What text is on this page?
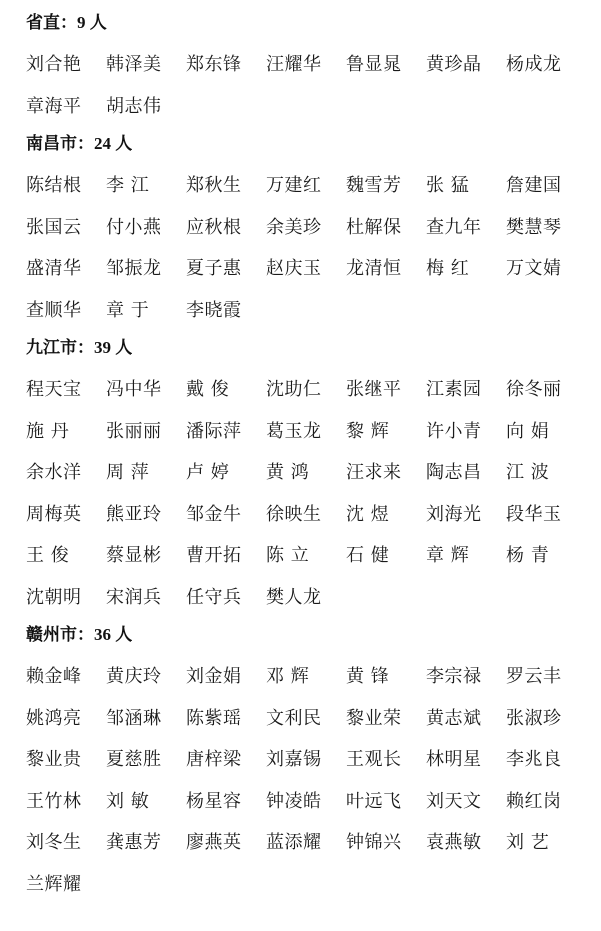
省直：9 人
刘合艳	韩泽美	郑东锋	汪耀华	鲁显晁	黄珍晶	杨成龙
章海平	胡志伟
南昌市：24 人
陈结根	李 江	郑秋生	万建红	魏雪芳	张 猛	詹建国
张国云	付小燕	应秋根	余美珍	杜解保	查九年	樊慧琴
盛清华	邹振龙	夏子惠	赵庆玉	龙清恒	梅 红	万文婧
查顺华	章 于	李晓霞
九江市：39 人
程天宝	冯中华	戴 俊	沈助仁	张继平	江素园	徐冬丽
施 丹	张丽丽	潘际萍	葛玉龙	黎 辉	许小青	向 娟
余水洋	周 萍	卢 婷	黄 鸿	汪求来	陶志昌	江 波
周梅英	熊亚玲	邹金牛	徐映生	沈 煜	刘海光	段华玉
王 俊	蔡显彬	曹开拓	陈 立	石 健	章 辉	杨 青
沈朝明	宋润兵	任守兵	樊人龙
赣州市：36 人
赖金峰	黄庆玲	刘金娟	邓 辉	黄 锋	李宗禄	罗云丰
姚鸿亮	邹涵琳	陈紫瑶	文利民	黎业荣	黄志斌	张淑珍
黎业贵	夏慈胜	唐梓梁	刘嘉锡	王观长	林明星	李兆良
王竹林	刘 敏	杨星容	钟凌皓	叶远飞	刘天文	赖红岗
刘冬生	龚惠芳	廖燕英	蓝添耀	钟锦兴	袁燕敏	刘 艺
兰辉耀
